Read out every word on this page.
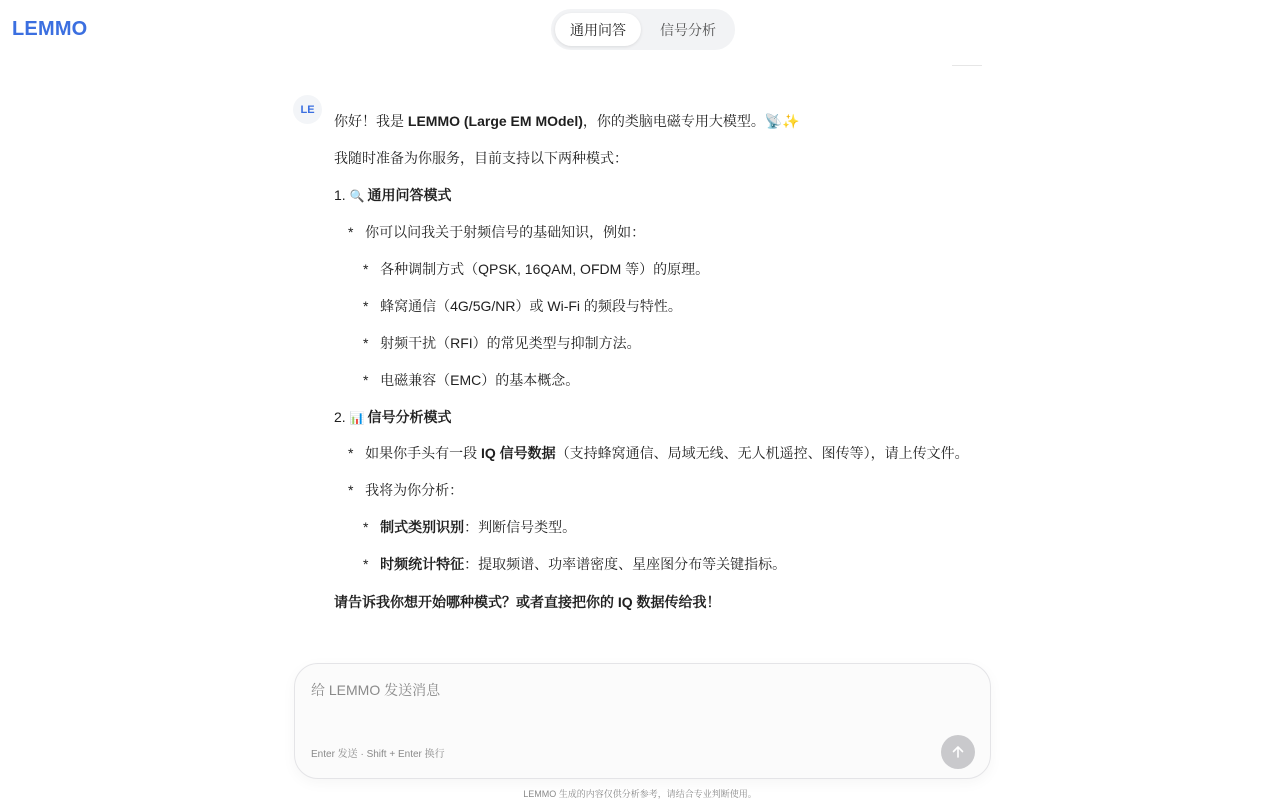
LEMMO	通用问答	信号分析
LE
你好！我是 LEMMO (Large EM MOdel)，你的类脑电磁专用大模型。📡✨
我随时准备为你服务，目前支持以下两种模式：
1. 🔍 通用问答模式
* 你可以问我关于射频信号的基础知识，例如：
* 各种调制方式（QPSK, 16QAM, OFDM 等）的原理。
* 蜂窝通信（4G/5G/NR）或 Wi-Fi 的频段与特性。
* 射频干扰（RFI）的常见类型与抑制方法。
* 电磁兼容（EMC）的基本概念。
2. 📊 信号分析模式
* 如果你手头有一段 IQ 信号数据（支持蜂窝通信、局域无线、无人机遥控、图传等），请上传文件。
* 我将为你分析：
* 制式类别识别：判断信号类型。
* 时频统计特征：提取频谱、功率谱密度、星座图分布等关键指标。
请告诉我你想开始哪种模式？或者直接把你的 IQ 数据传给我！
给 LEMMO 发送消息
Enter 发送 · Shift + Enter 换行
LEMMO 生成的内容仅供分析参考，请结合专业判断使用。
